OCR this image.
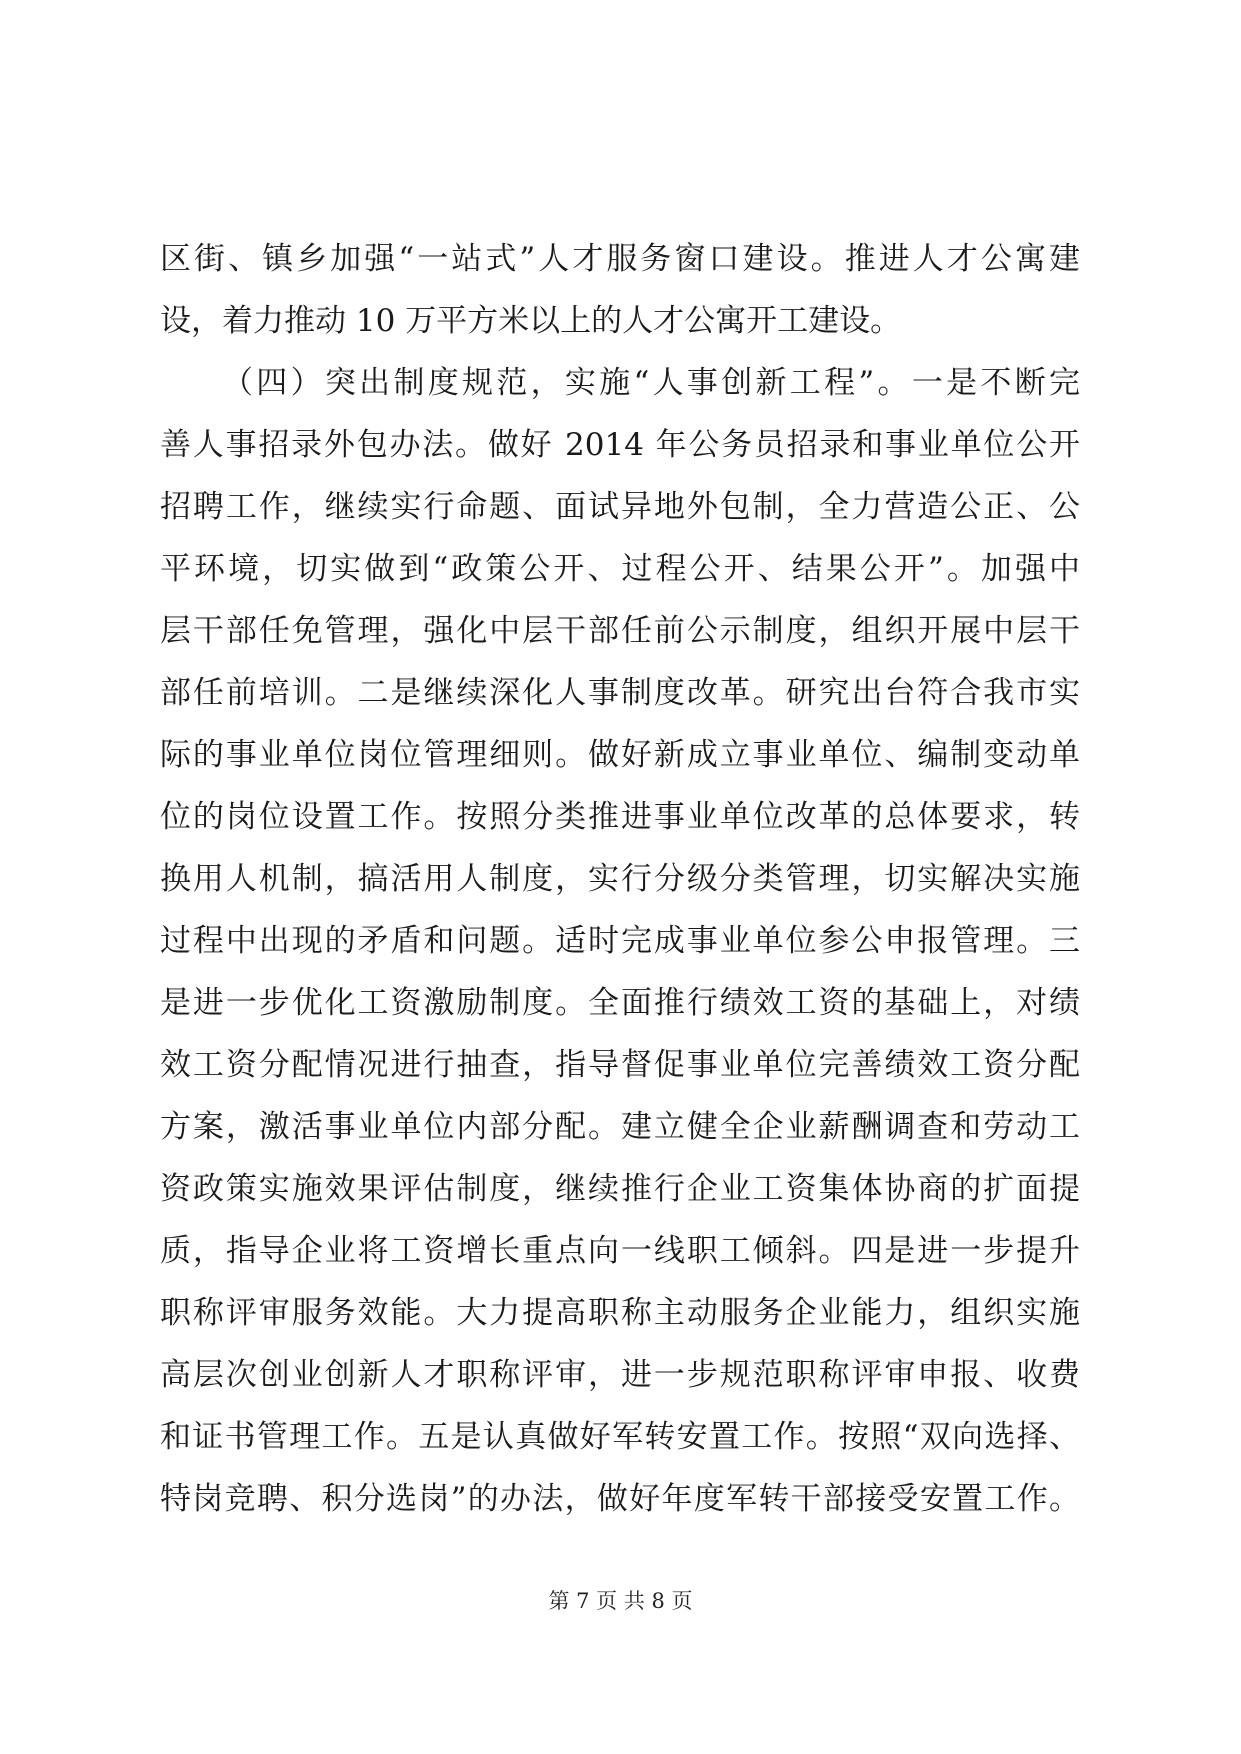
区街、镇乡加强“一站式”人才服务窗口建设。推进人才公寓建
设，着力推动 10 万平方米以上的人才公寓开工建设。
（四）突出制度规范，实施“人事创新工程”。一是不断完
善人事招录外包办法。做好 2014 年公务员招录和事业单位公开
招聘工作，继续实行命题、面试异地外包制，全力营造公正、公
平环境，切实做到“政策公开、过程公开、结果公开”。加强中
层干部任免管理，强化中层干部任前公示制度，组织开展中层干
部任前培训。二是继续深化人事制度改革。研究出台符合我市实
际的事业单位岗位管理细则。做好新成立事业单位、编制变动单
位的岗位设置工作。按照分类推进事业单位改革的总体要求，转
换用人机制，搞活用人制度，实行分级分类管理，切实解决实施
过程中出现的矛盾和问题。适时完成事业单位参公申报管理。三
是进一步优化工资激励制度。全面推行绩效工资的基础上，对绩
效工资分配情况进行抽查，指导督促事业单位完善绩效工资分配
方案，激活事业单位内部分配。建立健全企业薪酬调查和劳动工
资政策实施效果评估制度，继续推行企业工资集体协商的扩面提
质，指导企业将工资增长重点向一线职工倾斜。四是进一步提升
职称评审服务效能。大力提高职称主动服务企业能力，组织实施
高层次创业创新人才职称评审，进一步规范职称评审申报、收费
和证书管理工作。五是认真做好军转安置工作。按照“双向选择、
特岗竞聘、积分选岗”的办法，做好年度军转干部接受安置工作。
第 7 页 共 8 页
